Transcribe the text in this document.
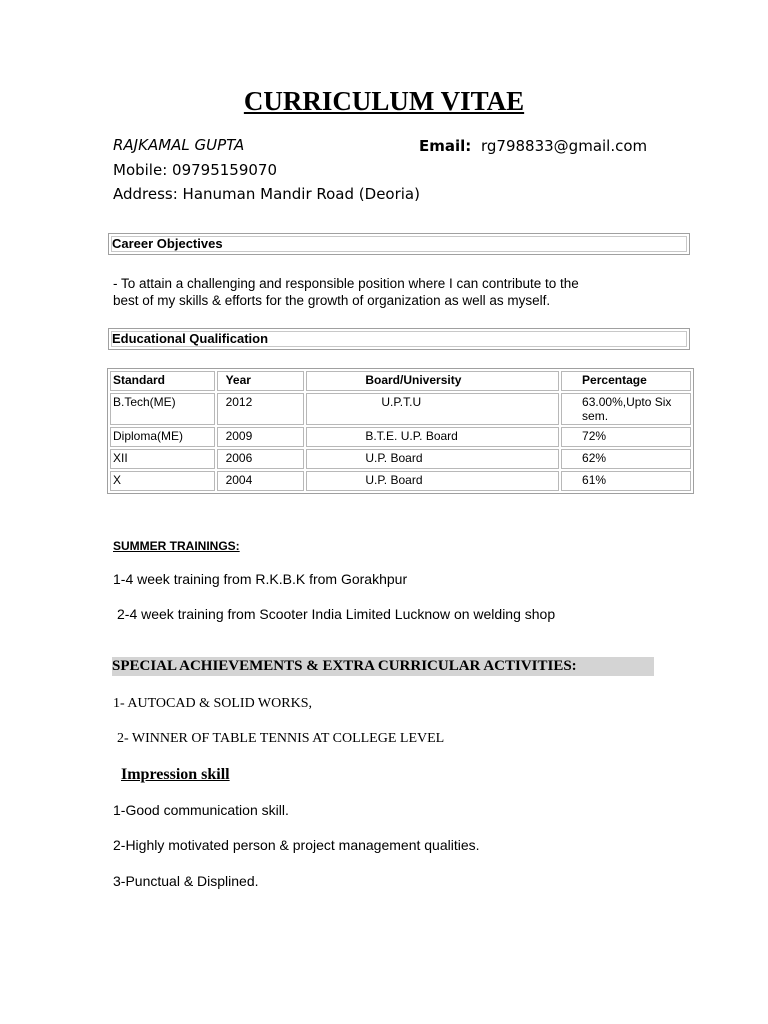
CURRICULUM VITAE
RAJKAMAL GUPTA	Email: rg798833@gmail.com
Mobile: 09795159070
Address: Hanuman Mandir Road (Deoria)
Career Objectives
- To attain a challenging and responsible position where I can contribute to the
best of my skills & efforts for the growth of organization as well as myself.
Educational Qualification
Standard	Year	Board/University	Percentage
B.Tech(ME)	2012	U.P.T.U	63.00%,Upto Six sem.
Diploma(ME)	2009	B.T.E. U.P. Board	72%
XII	2006	U.P. Board	62%
X	2004	U.P. Board	61%
SUMMER TRAININGS:
1-4 week training from R.K.B.K from Gorakhpur
2-4 week training from Scooter India Limited Lucknow on welding shop
SPECIAL ACHIEVEMENTS & EXTRA CURRICULAR ACTIVITIES:
1- AUTOCAD & SOLID WORKS,
2- WINNER OF TABLE TENNIS AT COLLEGE LEVEL
Impression skill
1-Good communication skill.
2-Highly motivated person & project management qualities.
3-Punctual & Displined.
